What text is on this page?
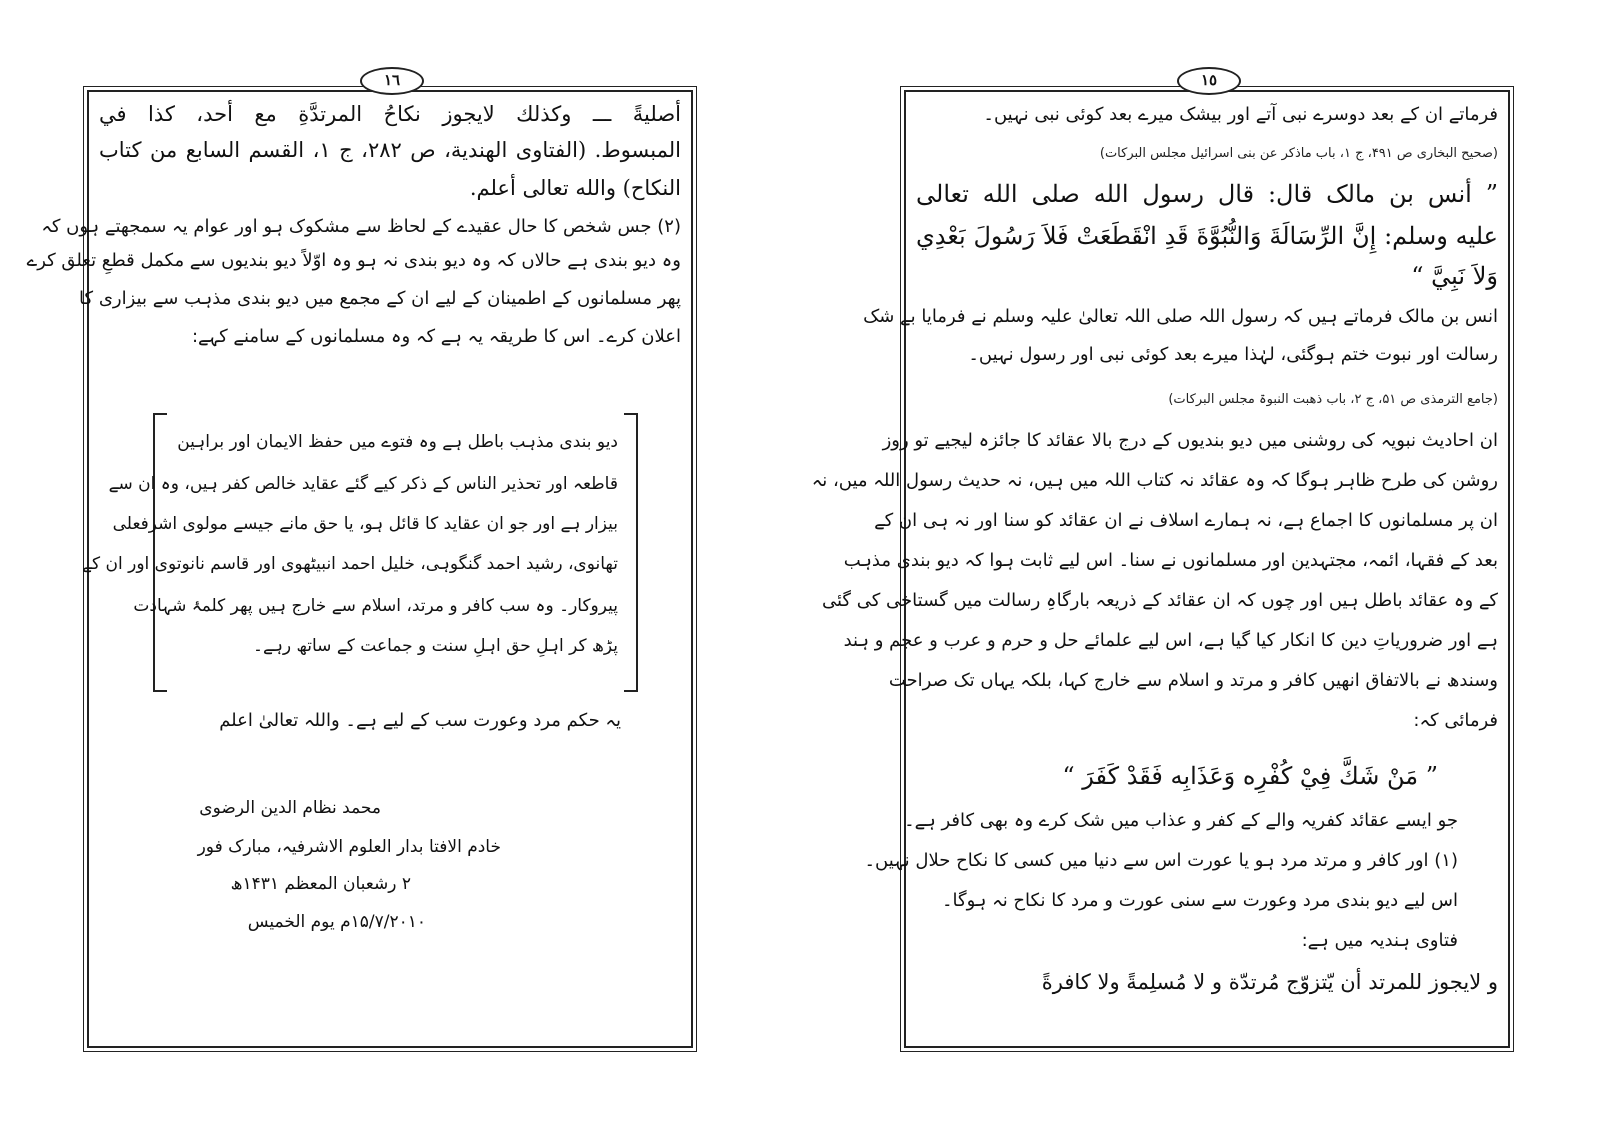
١٦	١٥
أصليةً ـــ وكذلك لايجوز نكاحُ المرتدَّةِ مع أحد، كذا في
المبسوط. (الفتاوى الهندية، ص ٢٨٢، ج ١، القسم السابع من كتاب
النكاح) والله تعالى أعلم.
(۲) جس شخص کا حال عقیدے کے لحاظ سے مشکوک ہو اور عوام یہ سمجھتے ہوں کہ
وہ دیو بندی ہے حالاں کہ وہ دیو بندی نہ ہو وہ اوّلاً دیو بندیوں سے مکمل قطعِ تعلق کرے
پھر مسلمانوں کے اطمینان کے لیے ان کے مجمع میں دیو بندی مذہب سے بیزاری کا
اعلان کرے۔ اس کا طریقہ یہ ہے کہ وہ مسلمانوں کے سامنے کہے:
دیو بندی مذہب باطل ہے وہ فتوے میں حفظ الایمان اور براہین
قاطعہ اور تحذیر الناس کے ذکر کیے گئے عقاید خالص کفر ہیں، وہ ان سے
بیزار ہے اور جو ان عقاید کا قائل ہو، یا حق مانے جیسے مولوی اشرفعلی
تھانوی، رشید احمد گنگوہی، خلیل احمد انبیٹھوی اور قاسم نانوتوی اور ان کے
پیروکار۔ وہ سب کافر و مرتد، اسلام سے خارج ہیں پھر کلمۂ شہادت
پڑھ کر اہلِ حق اہلِ سنت و جماعت کے ساتھ رہے۔
یہ حکم مرد وعورت سب کے لیے ہے۔ واللہ تعالیٰ اعلم
محمد نظام الدین الرضوی
خادم الافتا بدار العلوم الاشرفیہ، مبارک فور
۲ رشعبان المعظم ۱۴۳۱ھ
۱۵/۷/۲۰۱۰م یوم الخمیس
فرماتے ان کے بعد دوسرے نبی آتے اور بیشک میرے بعد کوئی نبی نہیں۔
(صحیح البخاری ص ۴۹۱، ج ۱، باب ماذکر عن بنی اسرائیل مجلس البرکات)
” أنس بن مالک قال: قال رسول الله صلى الله تعالى
عليه وسلم: إِنَّ الرِّسَالَةَ وَالنُّبُوَّةَ قَدِ انْقَطَعَتْ فَلاَ رَسُولَ بَعْدِي
وَلاَ نَبِيَّ “
انس بن مالک فرماتے ہیں کہ رسول اللہ صلی اللہ تعالیٰ علیہ وسلم نے فرمایا بے شک
رسالت اور نبوت ختم ہوگئی، لہٰذا میرے بعد کوئی نبی اور رسول نہیں۔
(جامع الترمذی ص ۵۱، ج ۲، باب ذھبت النبوۃ مجلس البرکات)
ان احادیث نبویہ کی روشنی میں دیو بندیوں کے درج بالا عقائد کا جائزہ لیجیے تو روز
روشن کی طرح ظاہر ہوگا کہ وہ عقائد نہ کتاب اللہ میں ہیں، نہ حدیث رسول اللہ میں، نہ
ان پر مسلمانوں کا اجماع ہے، نہ ہمارے اسلاف نے ان عقائد کو سنا اور نہ ہی ان کے
بعد کے فقہا، ائمہ، مجتہدین اور مسلمانوں نے سنا۔ اس لیے ثابت ہوا کہ دیو بندی مذہب
کے وہ عقائد باطل ہیں اور چوں کہ ان عقائد کے ذریعہ بارگاہِ رسالت میں گستاخی کی گئی
ہے اور ضروریاتِ دین کا انکار کیا گیا ہے، اس لیے علمائے حل و حرم و عرب و عجم و ہند
وسندھ نے بالاتفاق انھیں کافر و مرتد و اسلام سے خارج کہا، بلکہ یہاں تک صراحت
فرمائی کہ:
” مَنْ شَكَّ فِيْ كُفْرِه وَعَذَابِه فَقَدْ كَفَرَ “
جو ایسے عقائد کفریہ والے کے کفر و عذاب میں شک کرے وہ بھی کافر ہے۔
(۱) اور کافر و مرتد مرد ہو یا عورت اس سے دنیا میں کسی کا نکاح حلال نہیں۔
اس لیے دیو بندی مرد وعورت سے سنی عورت و مرد کا نکاح نہ ہوگا۔
فتاوی ہندیہ میں ہے:
و لايجوز للمرتد أن يّتزوّج مُرتدّة و لا مُسلِمةً ولا كافرةً
